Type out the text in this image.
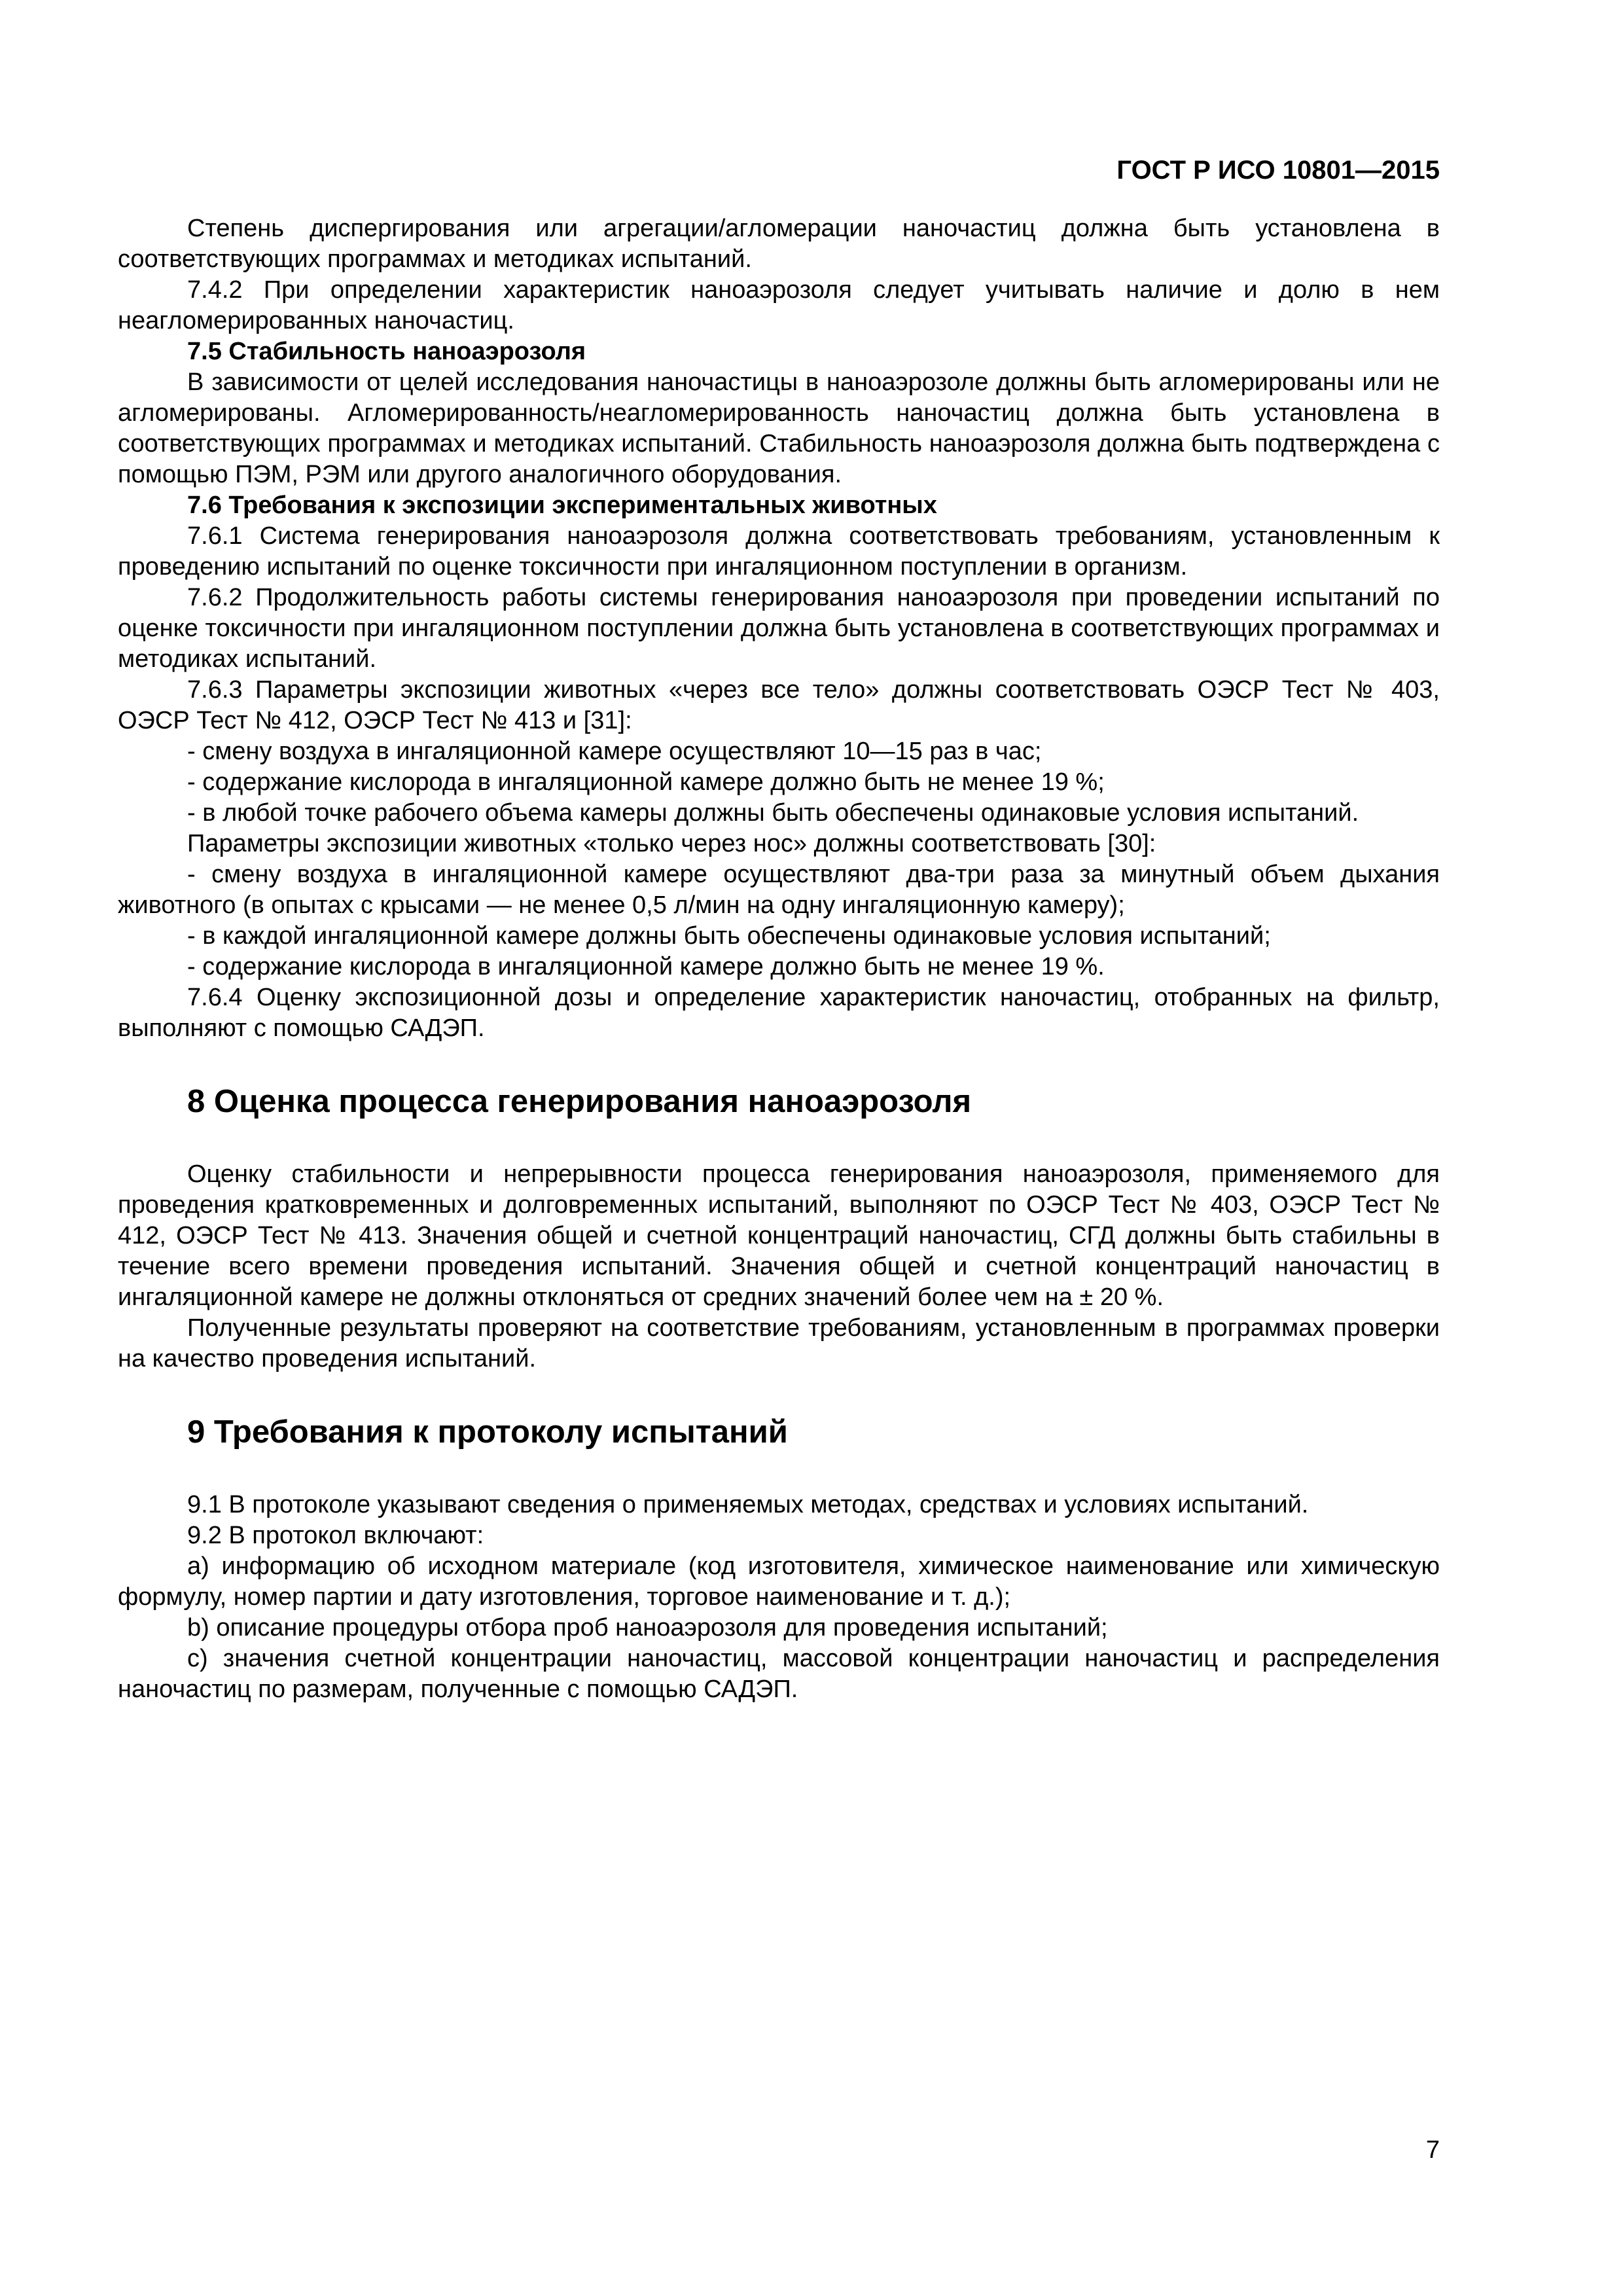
ГОСТ Р ИСО 10801—2015

Степень диспергирования или агрегации/агломерации наночастиц должна быть установлена в соответствующих программах и методиках испытаний.

7.4.2 При определении характеристик наноаэрозоля следует учитывать наличие и долю в нем неагломерированных наночастиц.

7.5 Стабильность наноаэрозоля

В зависимости от целей исследования наночастицы в наноаэрозоле должны быть агломерированы или не агломерированы. Агломерированность/неагломерированность наночастиц должна быть установлена в соответствующих программах и методиках испытаний. Стабильность наноаэрозоля должна быть подтверждена с помощью ПЭМ, РЭМ или другого аналогичного оборудования.

7.6 Требования к экспозиции экспериментальных животных

7.6.1 Система генерирования наноаэрозоля должна соответствовать требованиям, установленным к проведению испытаний по оценке токсичности при ингаляционном поступлении в организм.

7.6.2 Продолжительность работы системы генерирования наноаэрозоля при проведении испытаний по оценке токсичности при ингаляционном поступлении должна быть установлена в соответствующих программах и методиках испытаний.

7.6.3 Параметры экспозиции животных «через все тело» должны соответствовать ОЭСР Тест № 403, ОЭСР Тест № 412, ОЭСР Тест № 413 и [31]:

- смену воздуха в ингаляционной камере осуществляют 10—15 раз в час;

- содержание кислорода в ингаляционной камере должно быть не менее 19 %;

- в любой точке рабочего объема камеры должны быть обеспечены одинаковые условия испытаний.

Параметры экспозиции животных «только через нос» должны соответствовать [30]:

- смену воздуха в ингаляционной камере осуществляют два-три раза за минутный объем дыхания животного (в опытах с крысами — не менее 0,5 л/мин на одну ингаляционную камеру);

- в каждой ингаляционной камере должны быть обеспечены одинаковые условия испытаний;

- содержание кислорода в ингаляционной камере должно быть не менее 19 %.

7.6.4 Оценку экспозиционной дозы и определение характеристик наночастиц, отобранных на фильтр, выполняют с помощью САДЭП.

8 Оценка процесса генерирования наноаэрозоля

Оценку стабильности и непрерывности процесса генерирования наноаэрозоля, применяемого для проведения кратковременных и долговременных испытаний, выполняют по ОЭСР Тест № 403, ОЭСР Тест № 412, ОЭСР Тест № 413. Значения общей и счетной концентраций наночастиц, СГД должны быть стабильны в течение всего времени проведения испытаний. Значения общей и счетной концентраций наночастиц в ингаляционной камере не должны отклоняться от средних значений более чем на ± 20 %.

Полученные результаты проверяют на соответствие требованиям, установленным в программах проверки на качество проведения испытаний.

9 Требования к протоколу испытаний

9.1 В протоколе указывают сведения о применяемых методах, средствах и условиях испытаний.

9.2 В протокол включают:

а) информацию об исходном материале (код изготовителя, химическое наименование или химическую формулу, номер партии и дату изготовления, торговое наименование и т. д.);

b) описание процедуры отбора проб наноаэрозоля для проведения испытаний;

c) значения счетной концентрации наночастиц, массовой концентрации наночастиц и распределения наночастиц по размерам, полученные с помощью САДЭП.

7
